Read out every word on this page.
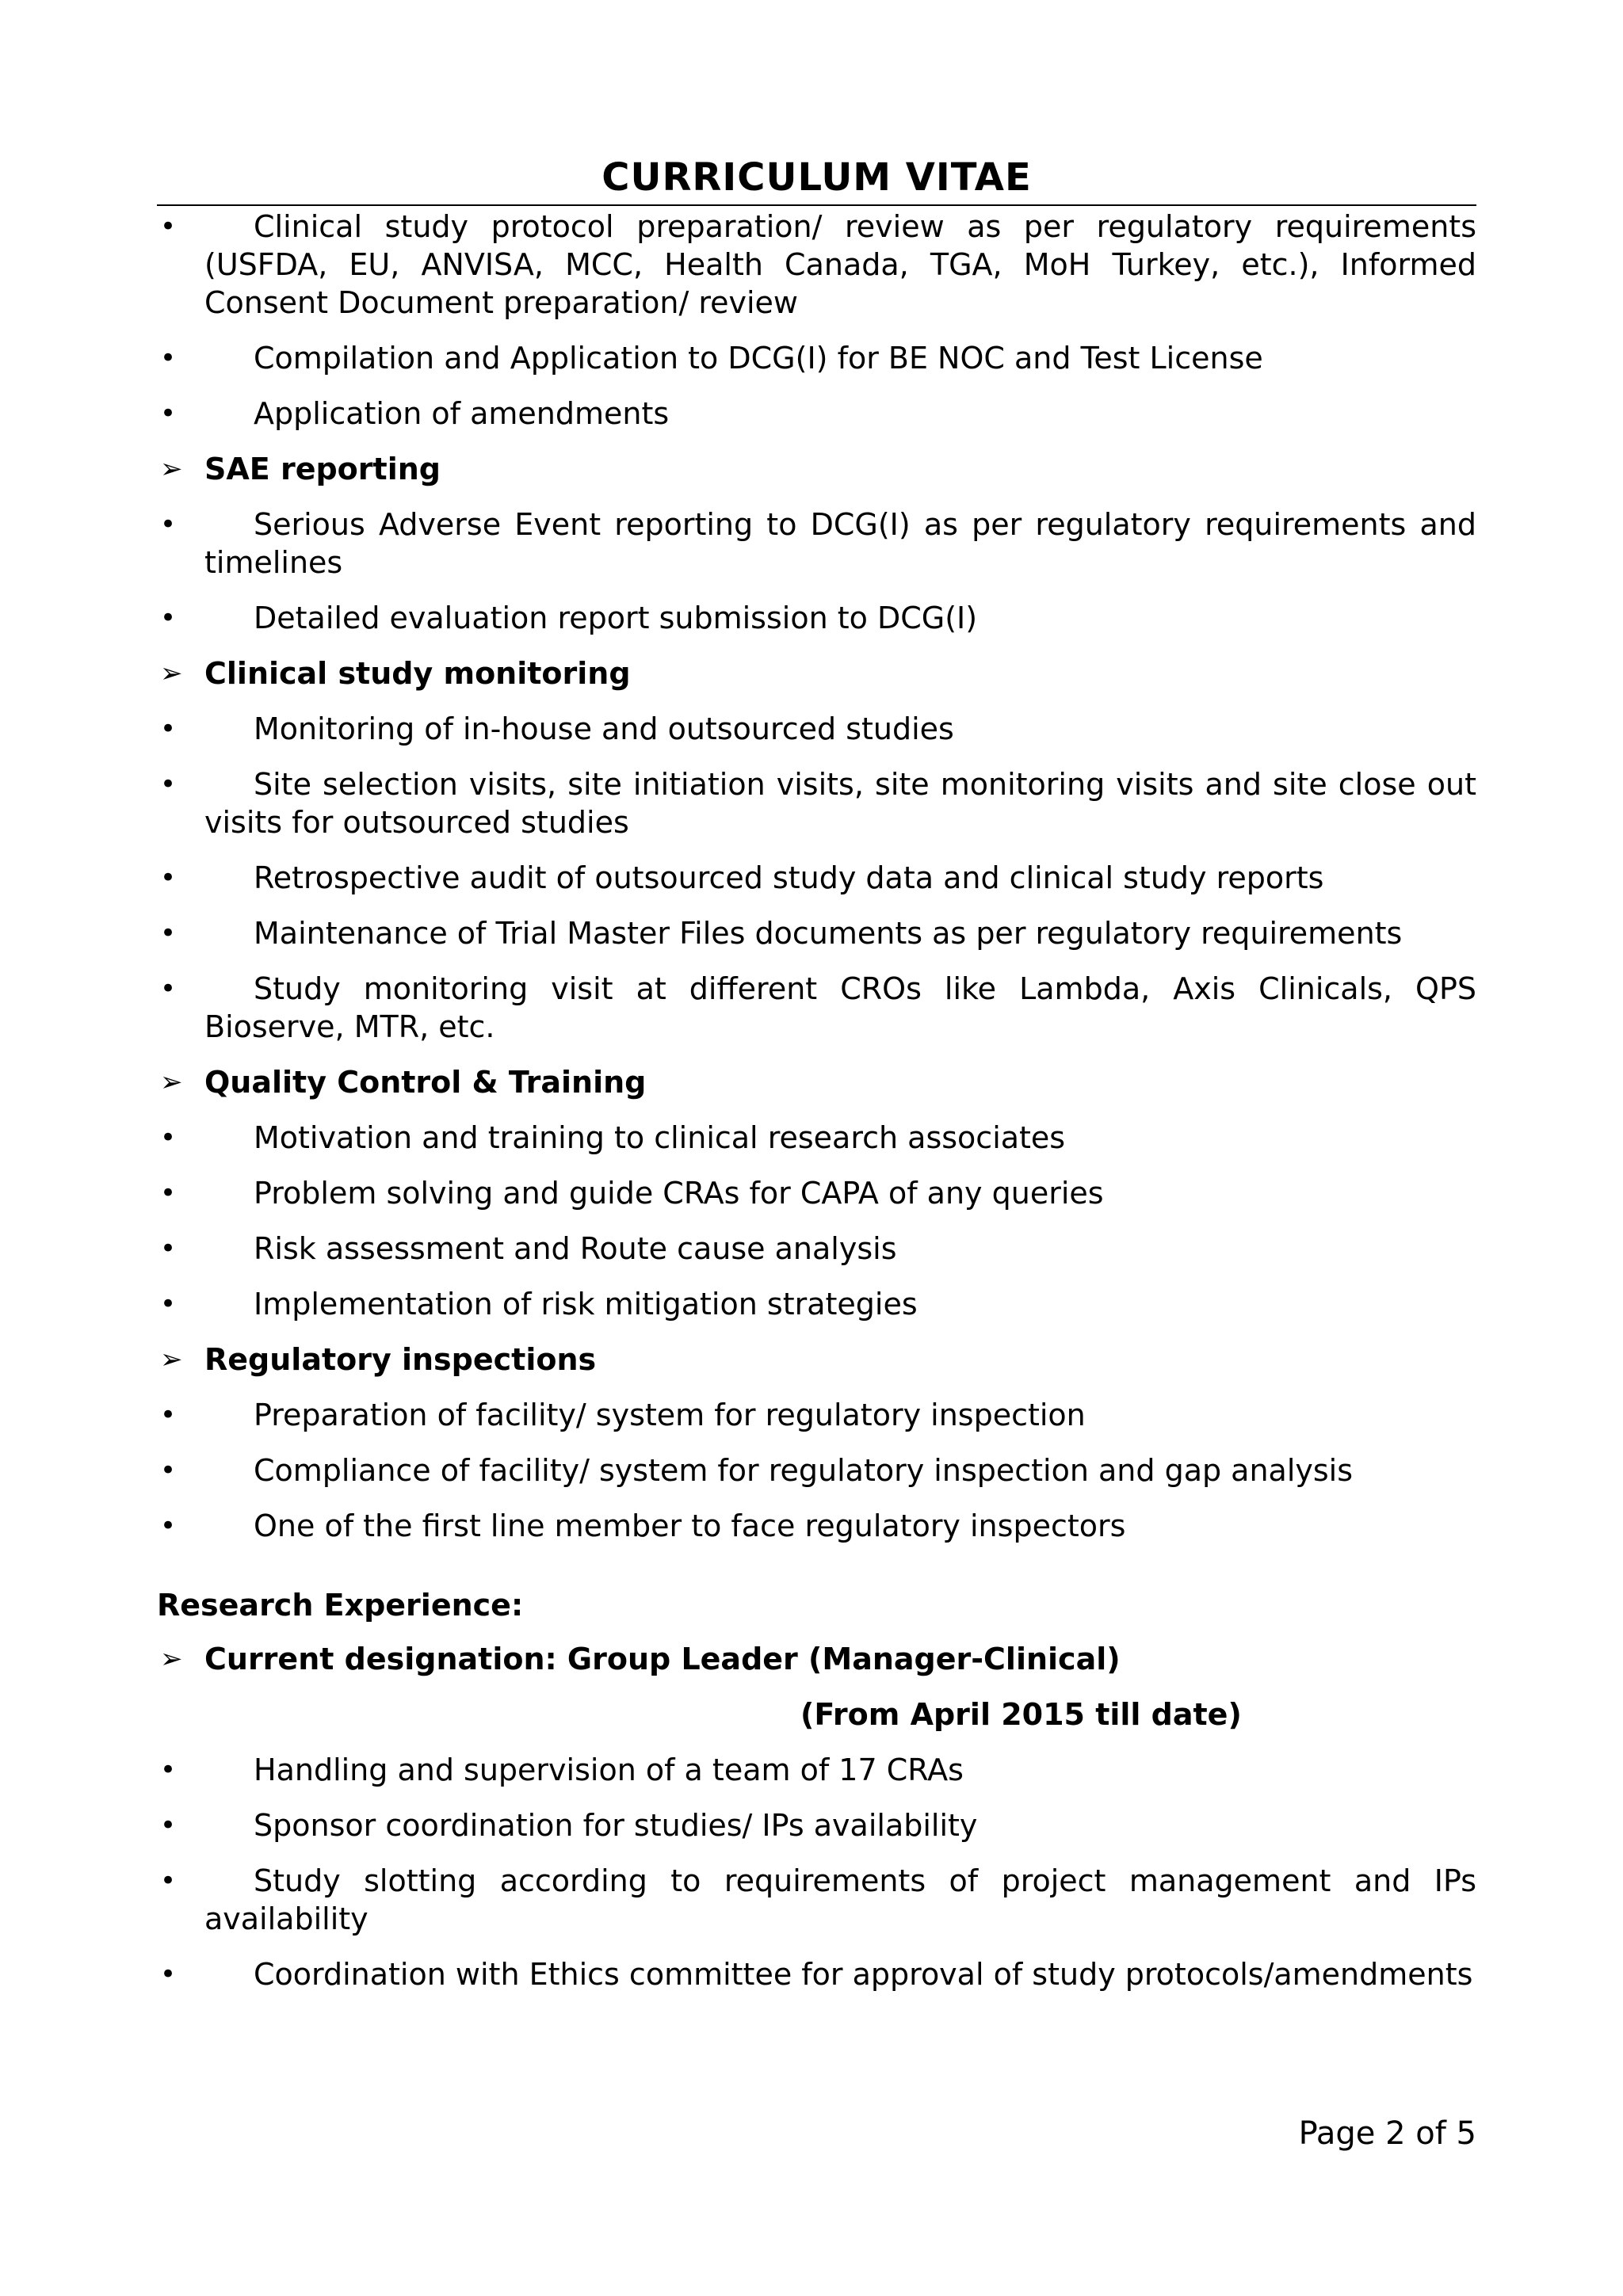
CURRICULUM VITAE
•	Clinical study protocol preparation/ review as per regulatory requirements (USFDA, EU, ANVISA, MCC, Health Canada, TGA, MoH Turkey, etc.), Informed Consent Document preparation/ review
•	Compilation and Application to DCG(I) for BE NOC and Test License
•	Application of amendments
➢ SAE reporting
•	Serious Adverse Event reporting to DCG(I) as per regulatory requirements and timelines
•	Detailed evaluation report submission to DCG(I)
➢ Clinical study monitoring
•	Monitoring of in-house and outsourced studies
•	Site selection visits, site initiation visits, site monitoring visits and site close out visits for outsourced studies
•	Retrospective audit of outsourced study data and clinical study reports
•	Maintenance of Trial Master Files documents as per regulatory requirements
•	Study monitoring visit at different CROs like Lambda, Axis Clinicals, QPS Bioserve, MTR, etc.
➢ Quality Control & Training
•	Motivation and training to clinical research associates
•	Problem solving and guide CRAs for CAPA of any queries
•	Risk assessment and Route cause analysis
•	Implementation of risk mitigation strategies
➢ Regulatory inspections
•	Preparation of facility/ system for regulatory inspection
•	Compliance of facility/ system for regulatory inspection and gap analysis
•	One of the first line member to face regulatory inspectors
Research Experience:
➢ Current designation: Group Leader (Manager-Clinical)
(From April 2015 till date)
•	Handling and supervision of a team of 17 CRAs
•	Sponsor coordination for studies/ IPs availability
•	Study slotting according to requirements of project management and IPs availability
•	Coordination with Ethics committee for approval of study protocols/amendments
Page 2 of 5
